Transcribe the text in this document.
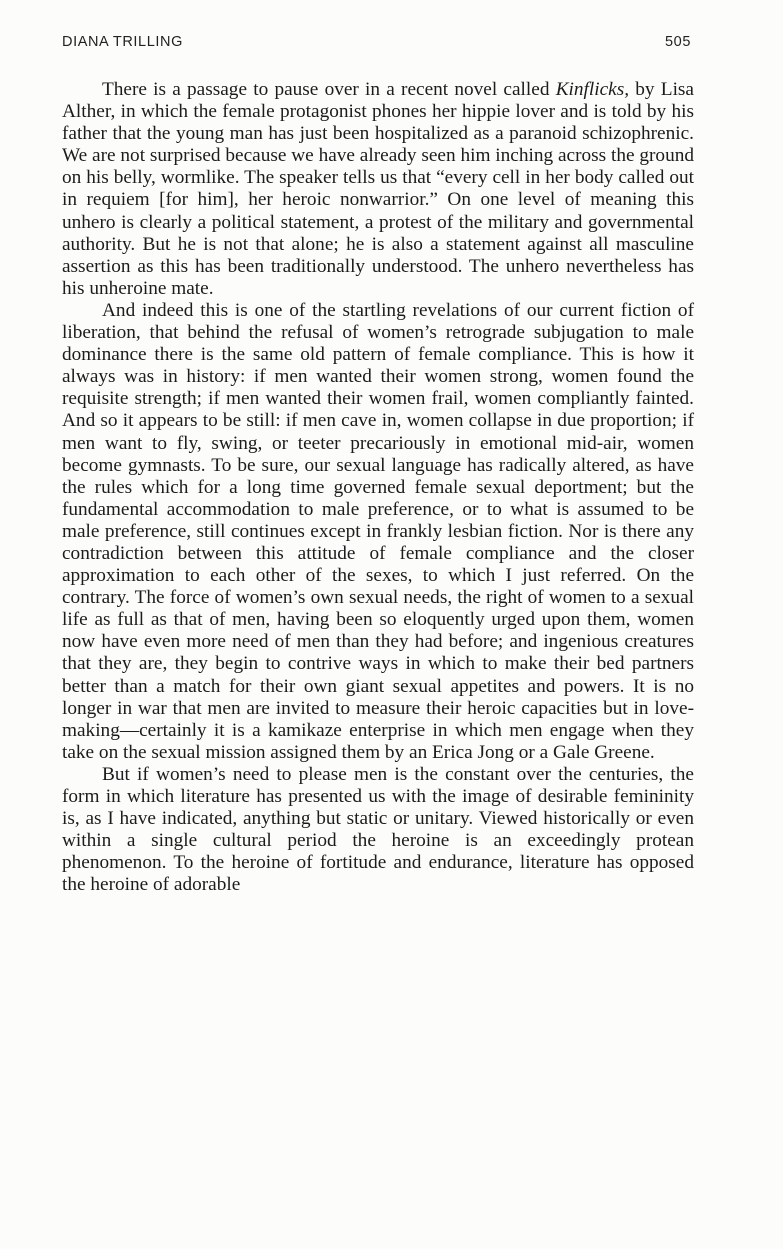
DIANA TRILLING	505

There is a passage to pause over in a recent novel called Kinflicks, by Lisa Alther, in which the female protagonist phones her hippie lover and is told by his father that the young man has just been hospitalized as a paranoid schizophrenic. We are not surprised because we have already seen him inching across the ground on his belly, wormlike. The speaker tells us that “every cell in her body called out in requiem [for him], her heroic nonwarrior.” On one level of meaning this unhero is clearly a political statement, a protest of the military and governmental authority. But he is not that alone; he is also a statement against all masculine assertion as this has been traditionally understood. The unhero nevertheless has his unheroine mate.

And indeed this is one of the startling revelations of our current fiction of liberation, that behind the refusal of women’s retrograde subjugation to male dominance there is the same old pattern of female compliance. This is how it always was in history: if men wanted their women strong, women found the requisite strength; if men wanted their women frail, women compliantly fainted. And so it appears to be still: if men cave in, women collapse in due proportion; if men want to fly, swing, or teeter precariously in emotional mid-air, women become gymnasts. To be sure, our sexual language has radically altered, as have the rules which for a long time governed female sexual deportment; but the fundamental accommodation to male preference, or to what is assumed to be male preference, still continues except in frankly lesbian fiction. Nor is there any contradiction between this attitude of female compliance and the closer approximation to each other of the sexes, to which I just referred. On the contrary. The force of women’s own sexual needs, the right of women to a sexual life as full as that of men, having been so eloquently urged upon them, women now have even more need of men than they had before; and ingenious creatures that they are, they begin to contrive ways in which to make their bed partners better than a match for their own giant sexual appetites and powers. It is no longer in war that men are invited to measure their heroic capacities but in love-making—certainly it is a kamikaze enterprise in which men engage when they take on the sexual mission assigned them by an Erica Jong or a Gale Greene.

But if women’s need to please men is the constant over the centuries, the form in which literature has presented us with the image of desirable femininity is, as I have indicated, anything but static or unitary. Viewed historically or even within a single cultural period the heroine is an exceedingly protean phenomenon. To the heroine of fortitude and endurance, literature has opposed the heroine of adorable
